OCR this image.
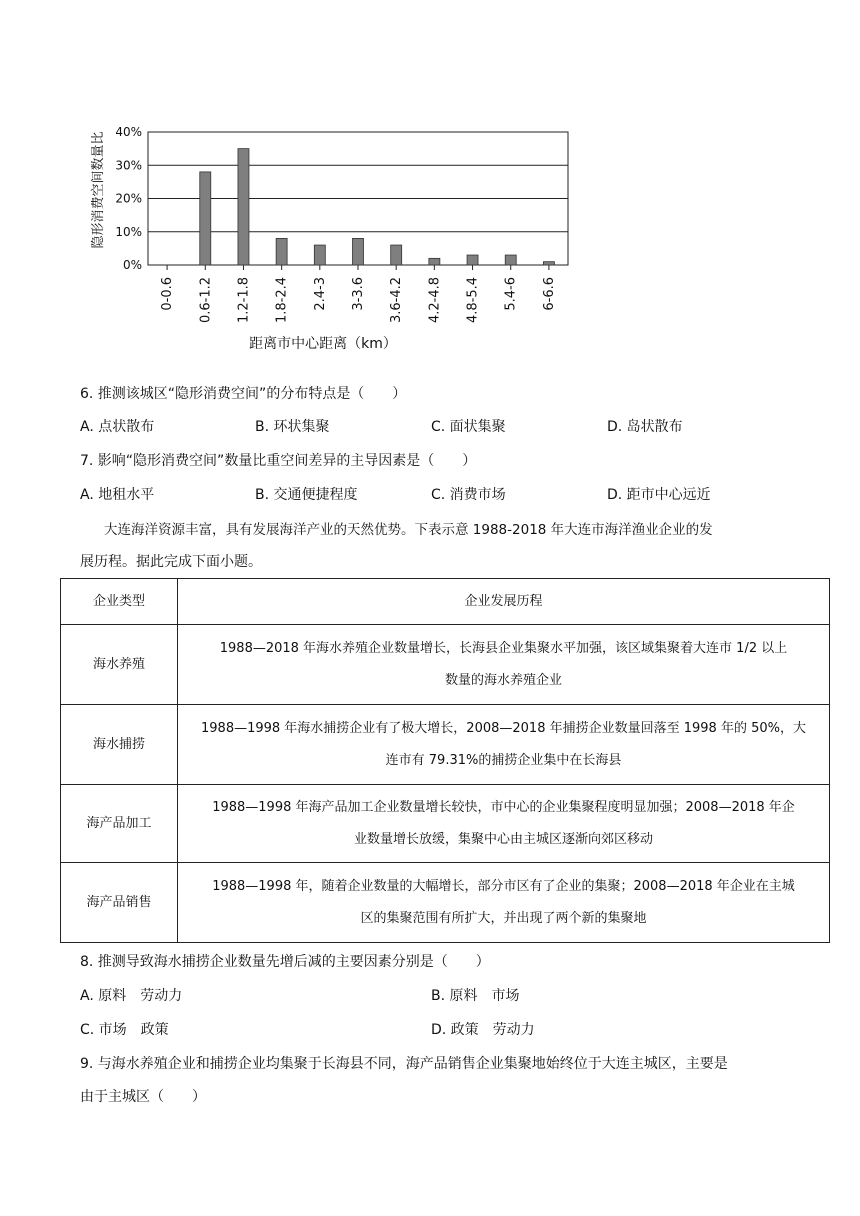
0%
10%
20%
30%
40%
0-0.6 0.6-1.2 1.2-1.8 1.8-2.4 2.4-3 3-3.6 3.6-4.2 4.2-4.8 4.8-5.4 5.4-6 6-6.6
隐形消费空间数量比
距离市中心距离（km）
6. 推测该城区“隐形消费空间”的分布特点是（　　）
A. 点状散布	B. 环状集聚	C. 面状集聚	D. 岛状散布
7. 影响“隐形消费空间”数量比重空间差异的主导因素是（　　）
A. 地租水平	B. 交通便捷程度	C. 消费市场	D. 距市中心远近
大连海洋资源丰富，具有发展海洋产业的天然优势。下表示意 1988-2018 年大连市海洋渔业企业的发
展历程。据此完成下面小题。
企业类型	企业发展历程
海水养殖	1988—2018 年海水养殖企业数量增长，长海县企业集聚水平加强，该区域集聚着大连市 1/2 以上
数量的海水养殖企业

海水捕捞	1988—1998 年海水捕捞企业有了极大增长，2008—2018 年捕捞企业数量回落至 1998 年的 50%，大
连市有 79.31%的捕捞企业集中在长海县

海产品加工	1988—1998 年海产品加工企业数量增长较快，市中心的企业集聚程度明显加强；2008—2018 年企
业数量增长放缓，集聚中心由主城区逐渐向郊区移动

海产品销售	1988—1998 年，随着企业数量的大幅增长，部分市区有了企业的集聚；2008—2018 年企业在主城
区的集聚范围有所扩大，并出现了两个新的集聚地
8. 推测导致海水捕捞企业数量先增后减的主要因素分别是（　　）
A. 原料　劳动力	B. 原料　市场
C. 市场　政策	D. 政策　劳动力
9. 与海水养殖企业和捕捞企业均集聚于长海县不同，海产品销售企业集聚地始终位于大连主城区，主要是
由于主城区（　　）
